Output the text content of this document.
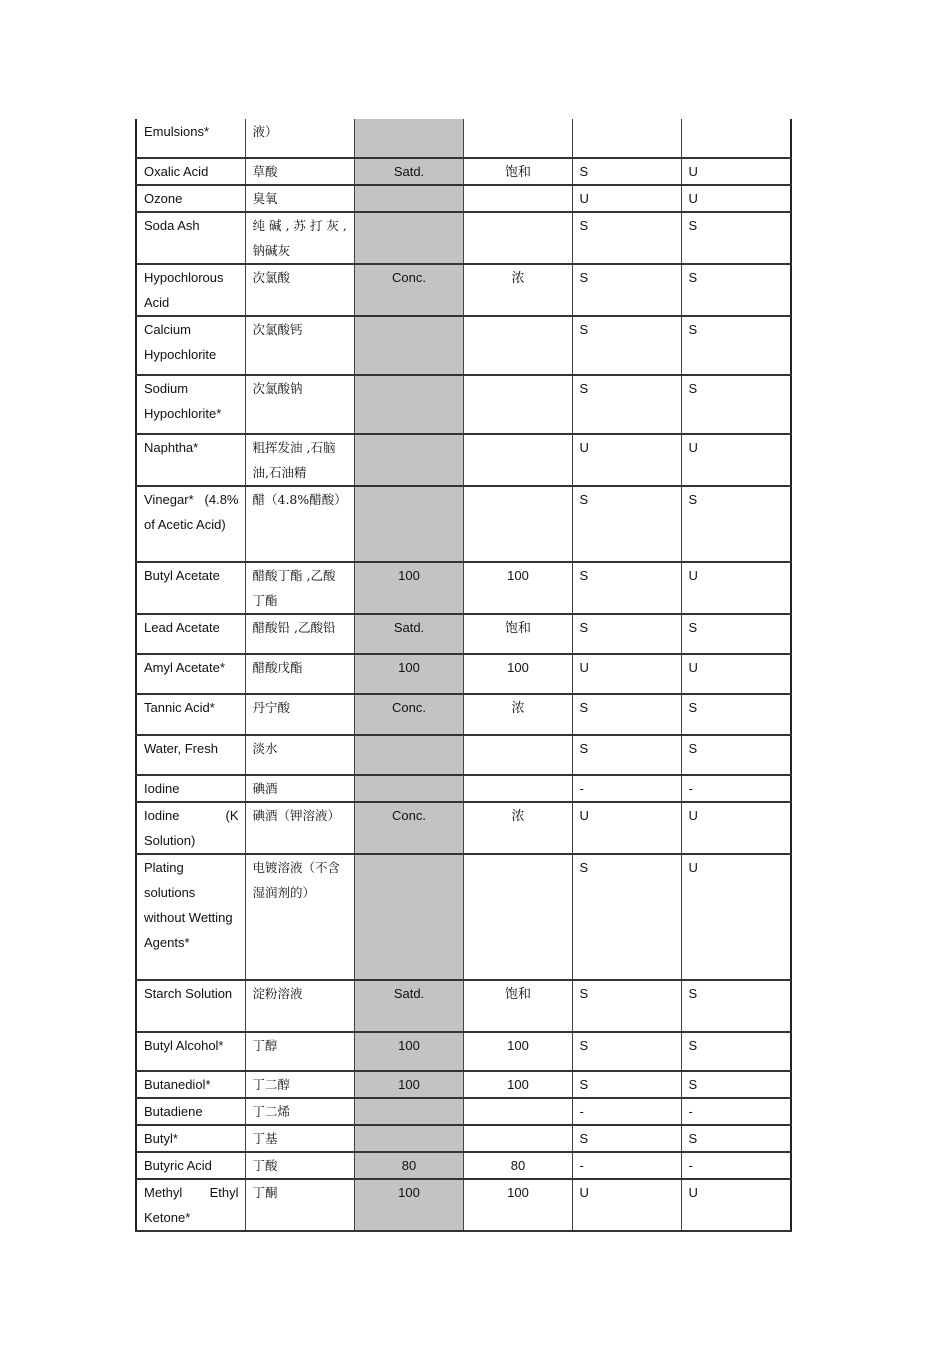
Emulsions*	液）				
Oxalic Acid	草酸	Satd.	饱和	S	U
Ozone	臭氧			U	U
Soda Ash	纯 碱 , 苏 打 灰 , 钠碱灰			S	S
Hypochlorous Acid	次氯酸	Conc.	浓	S	S
Calcium Hypochlorite	次氯酸钙			S	S
Sodium Hypochlorite*	次氯酸钠			S	S
Naphtha*	粗挥发油 ,石脑油,石油精			U	U
Vinegar* (4.8% of Acetic Acid)	醋（4.8%醋酸）			S	S
Butyl Acetate	醋酸丁酯 ,乙酸丁酯	100	100	S	U
Lead Acetate	醋酸铅 ,乙酸铅	Satd.	饱和	S	S
Amyl Acetate*	醋酸戊酯	100	100	U	U
Tannic Acid*	丹宁酸	Conc.	浓	S	S
Water, Fresh	淡水			S	S
Iodine	碘酒			-	-
Iodine (K Solution)	碘酒（钾溶液）	Conc.	浓	U	U
Plating solutions without Wetting Agents*	电镀溶液（不含湿润剂的）			S	U
Starch Solution	淀粉溶液	Satd.	饱和	S	S
Butyl Alcohol*	丁醇	100	100	S	S
Butanediol*	丁二醇	100	100	S	S
Butadiene	丁二烯			-	-
Butyl*	丁基			S	S
Butyric Acid	丁酸	80	80	-	-
Methyl Ethyl Ketone*	丁酮	100	100	U	U
